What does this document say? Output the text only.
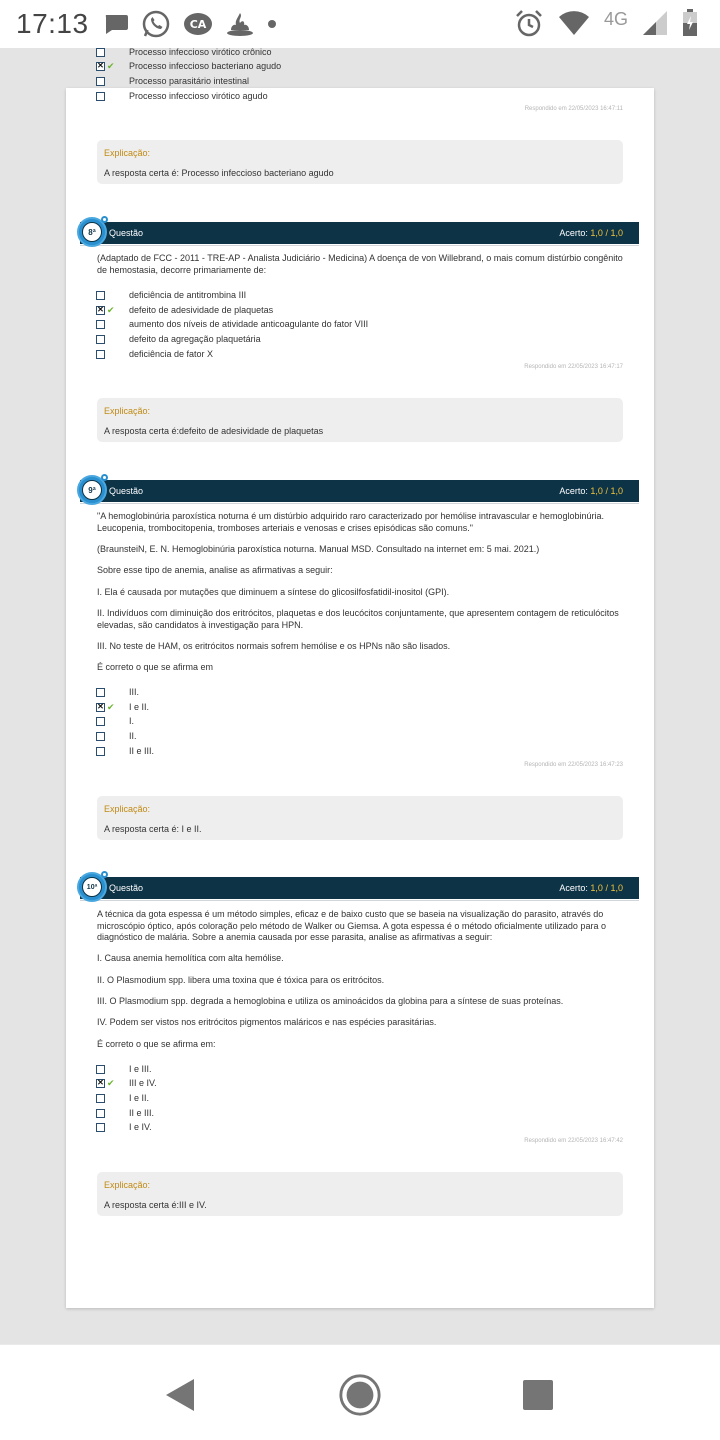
17:13	CA	4G
Processo infeccioso virótico crônico
✕ ✔ Processo infeccioso bacteriano agudo
Processo parasitário intestinal
Processo infeccioso virótico agudo
Respondido em 22/05/2023 16:47:11
Explicação:
A resposta certa é: Processo infeccioso bacteriano agudo
Questão	Acerto: 1,0 / 1,0
8ª
(Adaptado de FCC - 2011 - TRE-AP - Analista Judiciário - Medicina) A doença de von Willebrand, o mais comum distúrbio congênito de hemostasia, decorre primariamente de:
deficiência de antitrombina III
✕ ✔ defeito de adesividade de plaquetas
aumento dos níveis de atividade anticoagulante do fator VIII
defeito da agregação plaquetária
deficiência de fator X
Respondido em 22/05/2023 16:47:17
Explicação:
A resposta certa é:defeito de adesividade de plaquetas
Questão	Acerto: 1,0 / 1,0
9ª
"A hemoglobinúria paroxística noturna é um distúrbio adquirido raro caracterizado por hemólise intravascular e hemoglobinúria. Leucopenia, trombocitopenia, tromboses arteriais e venosas e crises episódicas são comuns."
(BraunsteiN, E. N. Hemoglobinúria paroxística noturna. Manual MSD. Consultado na internet em: 5 mai. 2021.)
Sobre esse tipo de anemia, analise as afirmativas a seguir:
I. Ela é causada por mutações que diminuem a síntese do glicosilfosfatidil-inositol (GPI).
II. Indivíduos com diminuição dos eritrócitos, plaquetas e dos leucócitos conjuntamente, que apresentem contagem de reticulócitos elevadas, são candidatos à investigação para HPN.
III. No teste de HAM, os eritrócitos normais sofrem hemólise e os HPNs não são lisados.
É correto o que se afirma em
III.
✕ ✔ I e II.
I.
II.
II e III.
Respondido em 22/05/2023 16:47:23
Explicação:
A resposta certa é: I e II.
Questão	Acerto: 1,0 / 1,0
10ª
A técnica da gota espessa é um método simples, eficaz e de baixo custo que se baseia na visualização do parasito, através do microscópio óptico, após coloração pelo método de Walker ou Giemsa. A gota espessa é o método oficialmente utilizado para o diagnóstico de malária. Sobre a anemia causada por esse parasita, analise as afirmativas a seguir:
I. Causa anemia hemolítica com alta hemólise.
II. O Plasmodium spp. libera uma toxina que é tóxica para os eritrócitos.
III. O Plasmodium spp. degrada a hemoglobina e utiliza os aminoácidos da globina para a síntese de suas proteínas.
IV. Podem ser vistos nos eritrócitos pigmentos maláricos e nas espécies parasitárias.
É correto o que se afirma em:
I e III.
✕ ✔ III e IV.
I e II.
II e III.
I e IV.
Respondido em 22/05/2023 16:47:42
Explicação:
A resposta certa é:III e IV.
